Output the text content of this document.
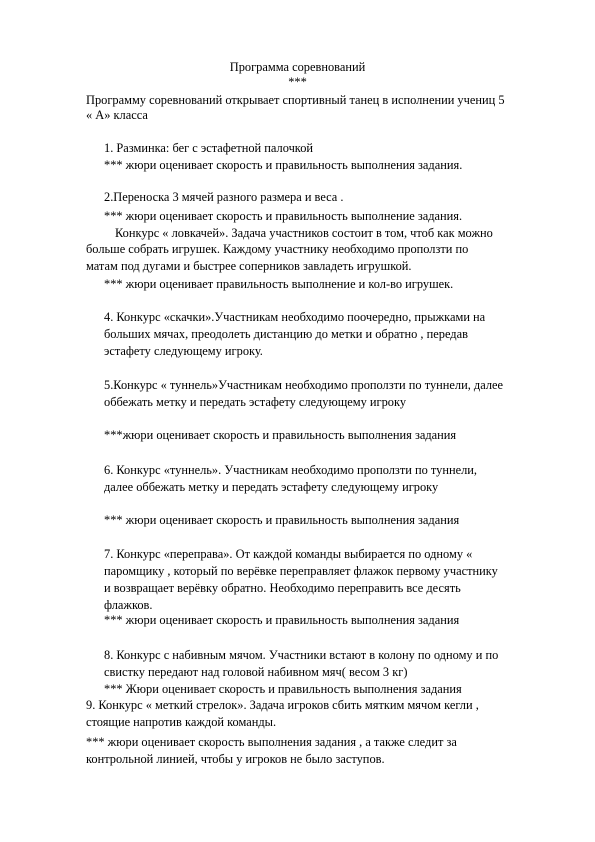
Программа соревнований
***
Программу соревнований открывает спортивный танец в исполнении учениц 5
« А» класса
1. Разминка: бег с эстафетной палочкой
*** жюри оценивает скорость и правильность выполнения задания.
2.Переноска 3 мячей разного размера и веса .
*** жюри оценивает скорость и правильность выполнение задания.
Конкурс « ловкачей». Задача участников состоит в том, чтоб как можно
больше собрать игрушек. Каждому участнику необходимо проползти по
матам под дугами и быстрее соперников завладеть игрушкой.
*** жюри оценивает правильность выполнение и кол-во игрушек.
4. Конкурс «скачки».Участникам необходимо поочередно, прыжками на
больших мячах, преодолеть дистанцию до метки и обратно , передав
эстафету следующему игроку.
5.Конкурс « туннель»Участникам необходимо проползти по туннели, далее
оббежать метку и передать эстафету следующему игроку
***жюри оценивает скорость и правильность выполнения задания
6. Конкурс «туннель». Участникам необходимо проползти по туннели,
далее оббежать метку и передать эстафету следующему игроку
*** жюри оценивает скорость и правильность выполнения задания
7. Конкурс «переправа». От каждой команды выбирается по одному «
паромщику , который по верёвке переправляет флажок первому участнику
и возвращает верёвку обратно. Необходимо переправить все десять
флажков.
*** жюри оценивает скорость и правильность выполнения задания
8. Конкурс с набивным мячом. Участники встают в колону по одному и по
свистку передают над головой набивном мяч( весом 3 кг)
*** Жюри оценивает скорость и правильность выполнения задания
9. Конкурс « меткий стрелок». Задача игроков сбить мятким мячом кегли ,
стоящие напротив каждой команды.
*** жюри оценивает скорость выполнения задания , а также следит за
контрольной линией, чтобы у игроков не было заступов.
